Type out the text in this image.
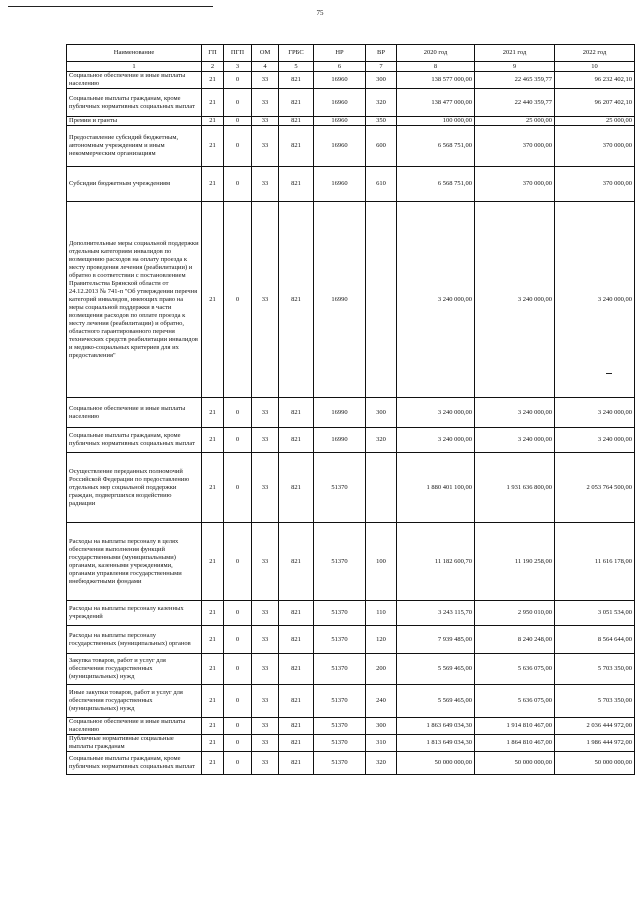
75
Наименование	ГП	ПГП	ОМ	ГРБС	НР	ВР	2020 год	2021 год	2022 год
1	2	3	4	5	6	7	8	9	10
Социальное обеспечение и иные выплаты населению	21	0	33	821	16960	300	138 577 000,00	22 465 359,77	96 232 402,10
Социальные выплаты гражданам, кроме публичных нормативных социальных выплат	21	0	33	821	16960	320	138 477 000,00	22 440 359,77	96 207 402,10
Премии и гранты	21	0	33	821	16960	350	100 000,00	25 000,00	25 000,00
Предоставление субсидий бюджетным, автономным учреждениям и иным некоммерческим организациям	21	0	33	821	16960	600	6 568 751,00	370 000,00	370 000,00
Субсидии бюджетным учреждениям	21	0	33	821	16960	610	6 568 751,00	370 000,00	370 000,00
Дополнительные меры социальной поддержки отдельным категориям инвалидов по возмещению расходов на оплату проезда к месту проведения лечения (реабилитации) и обратно в соответствии с постановлением Правительства Брянской области от 24.12.2013 № 741-п "Об утверждении перечня категорий инвалидов, имеющих право на меры социальной поддержки в части возмещения расходов по оплате проезда к месту лечения (реабилитации) и обратно, областного гарантированного перечня технических средств реабилитации инвалидов и медико-социальных критериев для их предоставления"	21	0	33	821	16990		3 240 000,00	3 240 000,00	3 240 000,00
Социальное обеспечение и иные выплаты населению	21	0	33	821	16990	300	3 240 000,00	3 240 000,00	3 240 000,00
Социальные выплаты гражданам, кроме публичных нормативных социальных выплат	21	0	33	821	16990	320	3 240 000,00	3 240 000,00	3 240 000,00
Осуществление переданных полномочий Российской Федерации по предоставлению отдельных мер социальной поддержки граждан, подвергшихся воздействию радиации	21	0	33	821	51370		1 880 401 100,00	1 931 636 800,00	2 053 764 500,00
Расходы на выплаты персоналу в целях обеспечения выполнения функций государственными (муниципальными) органами, казенными учреждениями, органами управления государственными внебюджетными фондами	21	0	33	821	51370	100	11 182 600,70	11 190 258,00	11 616 178,00
Расходы на выплаты персоналу казенных учреждений	21	0	33	821	51370	110	3 243 115,70	2 950 010,00	3 051 534,00
Расходы на выплаты персоналу государственных (муниципальных) органов	21	0	33	821	51370	120	7 939 485,00	8 240 248,00	8 564 644,00
Закупка товаров, работ и услуг для обеспечения государственных (муниципальных) нужд	21	0	33	821	51370	200	5 569 465,00	5 636 075,00	5 703 350,00
Иные закупки товаров, работ и услуг для обеспечения государственных (муниципальных) нужд	21	0	33	821	51370	240	5 569 465,00	5 636 075,00	5 703 350,00
Социальное обеспечение и иные выплаты населению	21	0	33	821	51370	300	1 863 649 034,30	1 914 810 467,00	2 036 444 972,00
Публичные нормативные социальные выплаты гражданам	21	0	33	821	51370	310	1 813 649 034,30	1 864 810 467,00	1 986 444 972,00
Социальные выплаты гражданам, кроме публичных нормативных социальных выплат	21	0	33	821	51370	320	50 000 000,00	50 000 000,00	50 000 000,00
